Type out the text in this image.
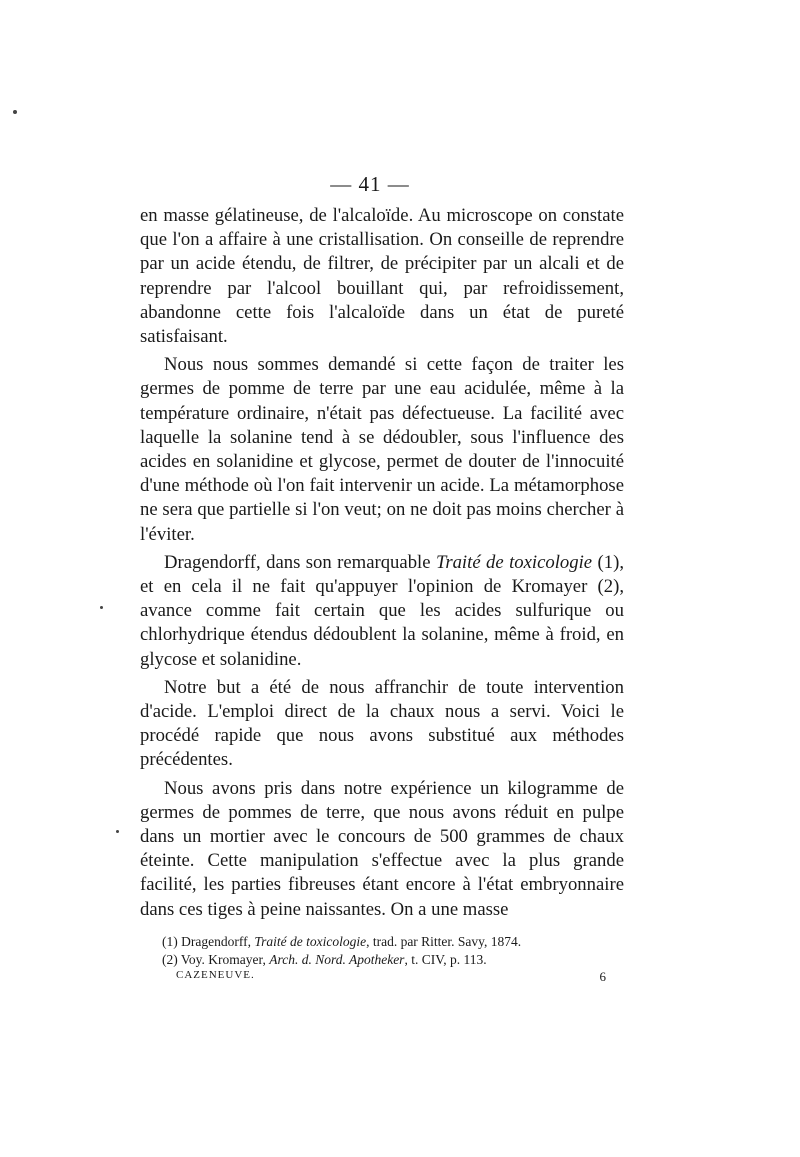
— 41 —

en masse gélatineuse, de l'alcaloïde. Au microscope on constate que l'on a affaire à une cristallisation. On conseille de reprendre par un acide étendu, de filtrer, de précipiter par un alcali et de reprendre par l'alcool bouillant qui, par refroidissement, abandonne cette fois l'alcaloïde dans un état de pureté satisfaisant.

Nous nous sommes demandé si cette façon de traiter les germes de pomme de terre par une eau acidulée, même à la température ordinaire, n'était pas défectueuse. La facilité avec laquelle la solanine tend à se dédoubler, sous l'influence des acides en solanidine et glycose, permet de douter de l'innocuité d'une méthode où l'on fait intervenir un acide. La métamorphose ne sera que partielle si l'on veut; on ne doit pas moins chercher à l'éviter.

Dragendorff, dans son remarquable Traité de toxicologie (1), et en cela il ne fait qu'appuyer l'opinion de Kromayer (2), avance comme fait certain que les acides sulfurique ou chlorhydrique étendus dédoublent la solanine, même à froid, en glycose et solanidine.

Notre but a été de nous affranchir de toute intervention d'acide. L'emploi direct de la chaux nous a servi. Voici le procédé rapide que nous avons substitué aux méthodes précédentes.

Nous avons pris dans notre expérience un kilogramme de germes de pommes de terre, que nous avons réduit en pulpe dans un mortier avec le concours de 500 grammes de chaux éteinte. Cette manipulation s'effectue avec la plus grande facilité, les parties fibreuses étant encore à l'état embryonnaire dans ces tiges à peine naissantes. On a une masse

(1) Dragendorff, Traité de toxicologie, trad. par Ritter. Savy, 1874.

(2) Voy. Kromayer, Arch. d. Nord. Apotheker, t. CIV, p. 113.

CAZENEUVE.	6
